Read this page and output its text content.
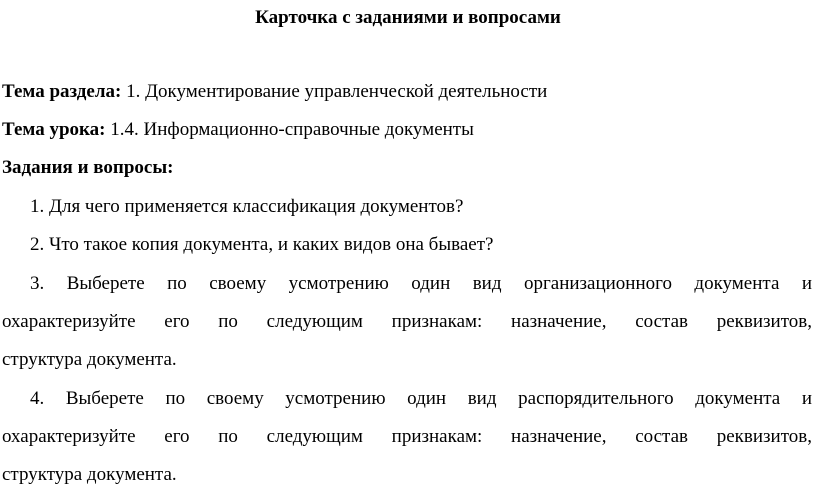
Карточка с заданиями и вопросами
Тема раздела: 1. Документирование управленческой деятельности
Тема урока: 1.4. Информационно-справочные документы
Задания и вопросы:
1. Для чего применяется классификация документов?
2. Что такое копия документа, и каких видов она бывает?
3. Выберете по своему усмотрению один вид организационного документа и
охарактеризуйте его по следующим признакам: назначение, состав реквизитов,
структура документа.
4. Выберете по своему усмотрению один вид распорядительного документа и
охарактеризуйте его по следующим признакам: назначение, состав реквизитов,
структура документа.
